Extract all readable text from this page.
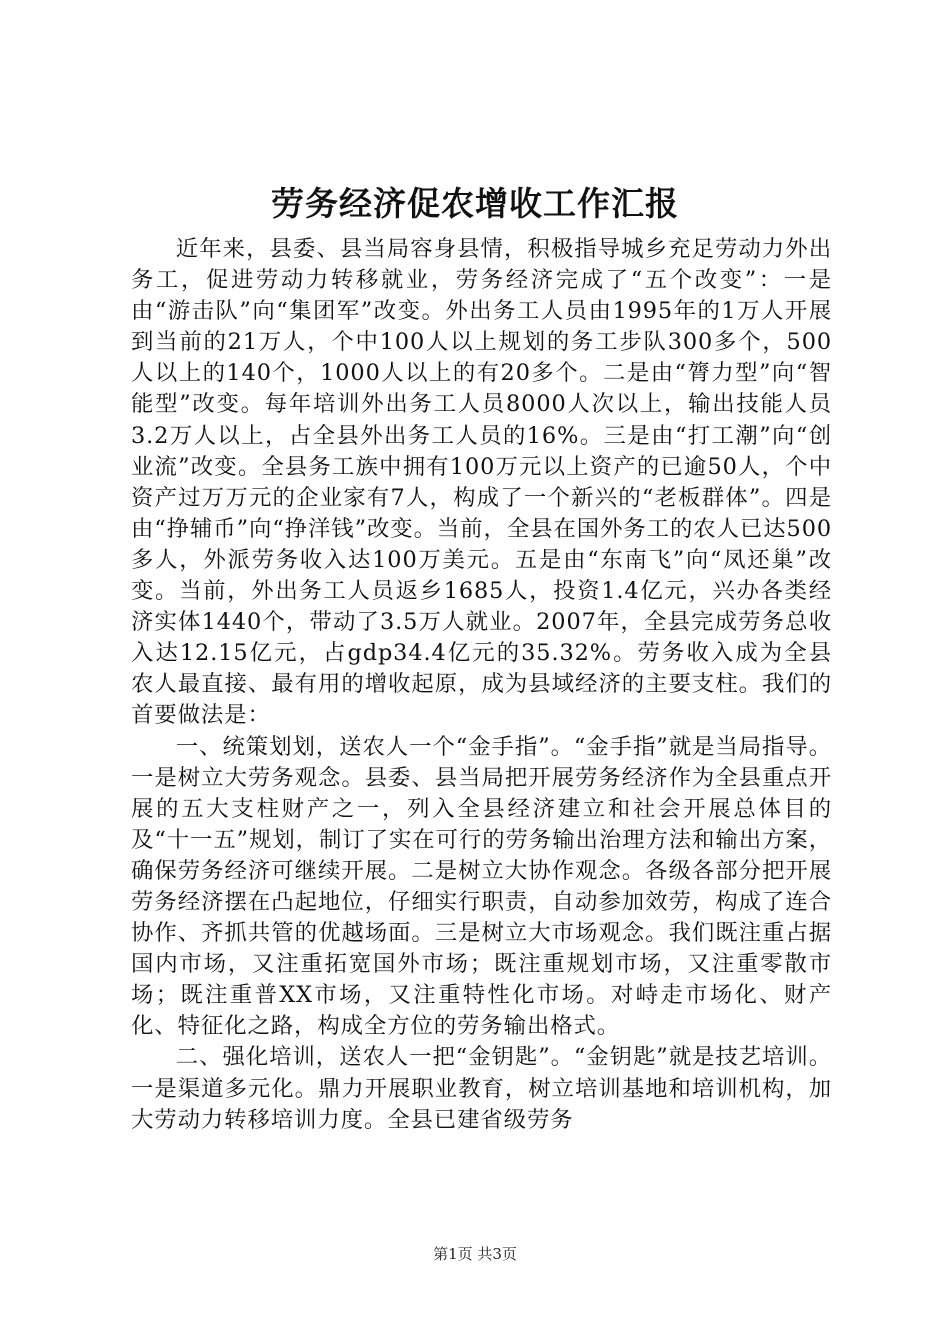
劳务经济促农增收工作汇报

近年来，县委、县当局容身县情，积极指导城乡充足劳动力外出务工，促进劳动力转移就业，劳务经济完成了“五个改变”：一是由“游击队”向“集团军”改变。外出务工人员由1995年的1万人开展到当前的21万人，个中100人以上规划的务工步队300多个，500人以上的140个，1000人以上的有20多个。二是由“膂力型”向“智能型”改变。每年培训外出务工人员8000人次以上，输出技能人员3.2万人以上，占全县外出务工人员的16%。三是由“打工潮”向“创业流”改变。全县务工族中拥有100万元以上资产的已逾50人，个中资产过万万元的企业家有7人，构成了一个新兴的“老板群体”。四是由“挣辅币”向“挣洋钱”改变。当前，全县在国外务工的农人已达500多人，外派劳务收入达100万美元。五是由“东南飞”向“凤还巢”改变。当前，外出务工人员返乡1685人，投资1.4亿元，兴办各类经济实体1440个，带动了3.5万人就业。2007年，全县完成劳务总收入达12.15亿元，占gdp34.4亿元的35.32%。劳务收入成为全县农人最直接、最有用的增收起原，成为县域经济的主要支柱。我们的首要做法是：

一、统策划划，送农人一个“金手指”。“金手指”就是当局指导。一是树立大劳务观念。县委、县当局把开展劳务经济作为全县重点开展的五大支柱财产之一，列入全县经济建立和社会开展总体目的及“十一五”规划，制订了实在可行的劳务输出治理方法和输出方案，确保劳务经济可继续开展。二是树立大协作观念。各级各部分把开展劳务经济摆在凸起地位，仔细实行职责，自动参加效劳，构成了连合协作、齐抓共管的优越场面。三是树立大市场观念。我们既注重占据国内市场，又注重拓宽国外市场；既注重规划市场，又注重零散市场；既注重普XX市场，又注重特性化市场。对峙走市场化、财产化、特征化之路，构成全方位的劳务输出格式。

二、强化培训，送农人一把“金钥匙”。“金钥匙”就是技艺培训。一是渠道多元化。鼎力开展职业教育，树立培训基地和培训机构，加大劳动力转移培训力度。全县已建省级劳务

第1页 共3页
